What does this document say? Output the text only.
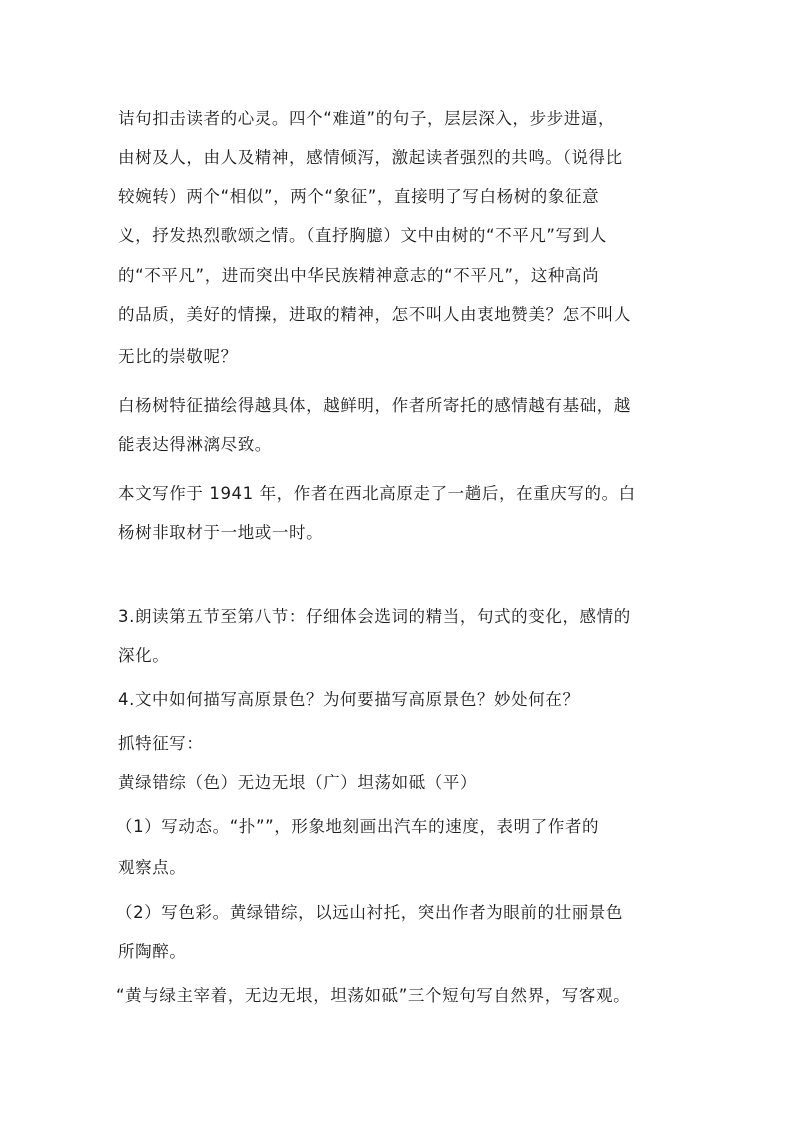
诘句扣击读者的心灵。四个“难道”的句子，层层深入，步步进逼，
由树及人，由人及精神，感情倾泻，激起读者强烈的共鸣。（说得比
较婉转）两个“相似”，两个“象征”，直接明了写白杨树的象征意
义，抒发热烈歌颂之情。（直抒胸臆）文中由树的“不平凡”写到人
的“不平凡”，进而突出中华民族精神意志的“不平凡”，这种高尚
的品质，美好的情操，进取的精神，怎不叫人由衷地赞美？怎不叫人
无比的崇敬呢？
白杨树特征描绘得越具体，越鲜明，作者所寄托的感情越有基础，越
能表达得淋漓尽致。
本文写作于 1941 年，作者在西北高原走了一趟后，在重庆写的。白
杨树非取材于一地或一时。
3.朗读第五节至第八节：仔细体会选词的精当，句式的变化，感情的
深化。
4.文中如何描写高原景色？为何要描写高原景色？妙处何在？
抓特征写：
黄绿错综（色）无边无垠（广）坦荡如砥（平）
（1）写动态。“扑””，形象地刻画出汽车的速度，表明了作者的
观察点。
（2）写色彩。黄绿错综，以远山衬托，突出作者为眼前的壮丽景色
所陶醉。
“黄与绿主宰着，无边无垠，坦荡如砥”三个短句写自然界，写客观。
